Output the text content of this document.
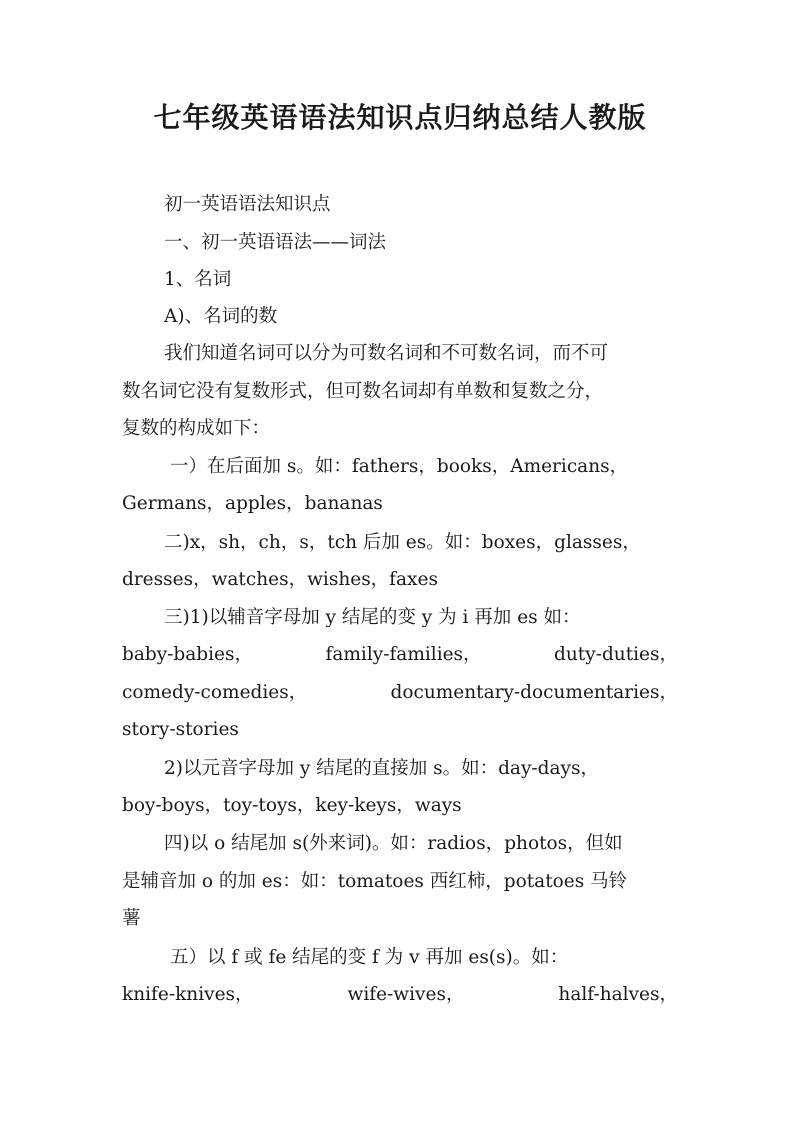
七年级英语语法知识点归纳总结人教版
初一英语语法知识点
一、初一英语语法——词法
1、名词
A)、名词的数
我们知道名词可以分为可数名词和不可数名词，而不可
数名词它没有复数形式，但可数名词却有单数和复数之分，
复数的构成如下：
一）在后面加 s。如：fathers，books，Americans，
Germans，apples，bananas
二)x，sh，ch，s，tch 后加 es。如：boxes，glasses，
dresses，watches，wishes，faxes
三)1)以辅音字母加 y 结尾的变 y 为 i 再加 es 如：
baby-babies，	family-families，	duty-duties，
comedy-comedies，	documentary-documentaries，
story-stories
2)以元音字母加 y 结尾的直接加 s。如：day-days，
boy-boys，toy-toys，key-keys，ways
四)以 o 结尾加 s(外来词)。如：radios，photos，但如
是辅音加 o 的加 es：如：tomatoes 西红柿，potatoes 马铃
薯
五）以 f 或 fe 结尾的变 f 为 v 再加 es(s)。如：
knife-knives，	wife-wives，	half-halves，
